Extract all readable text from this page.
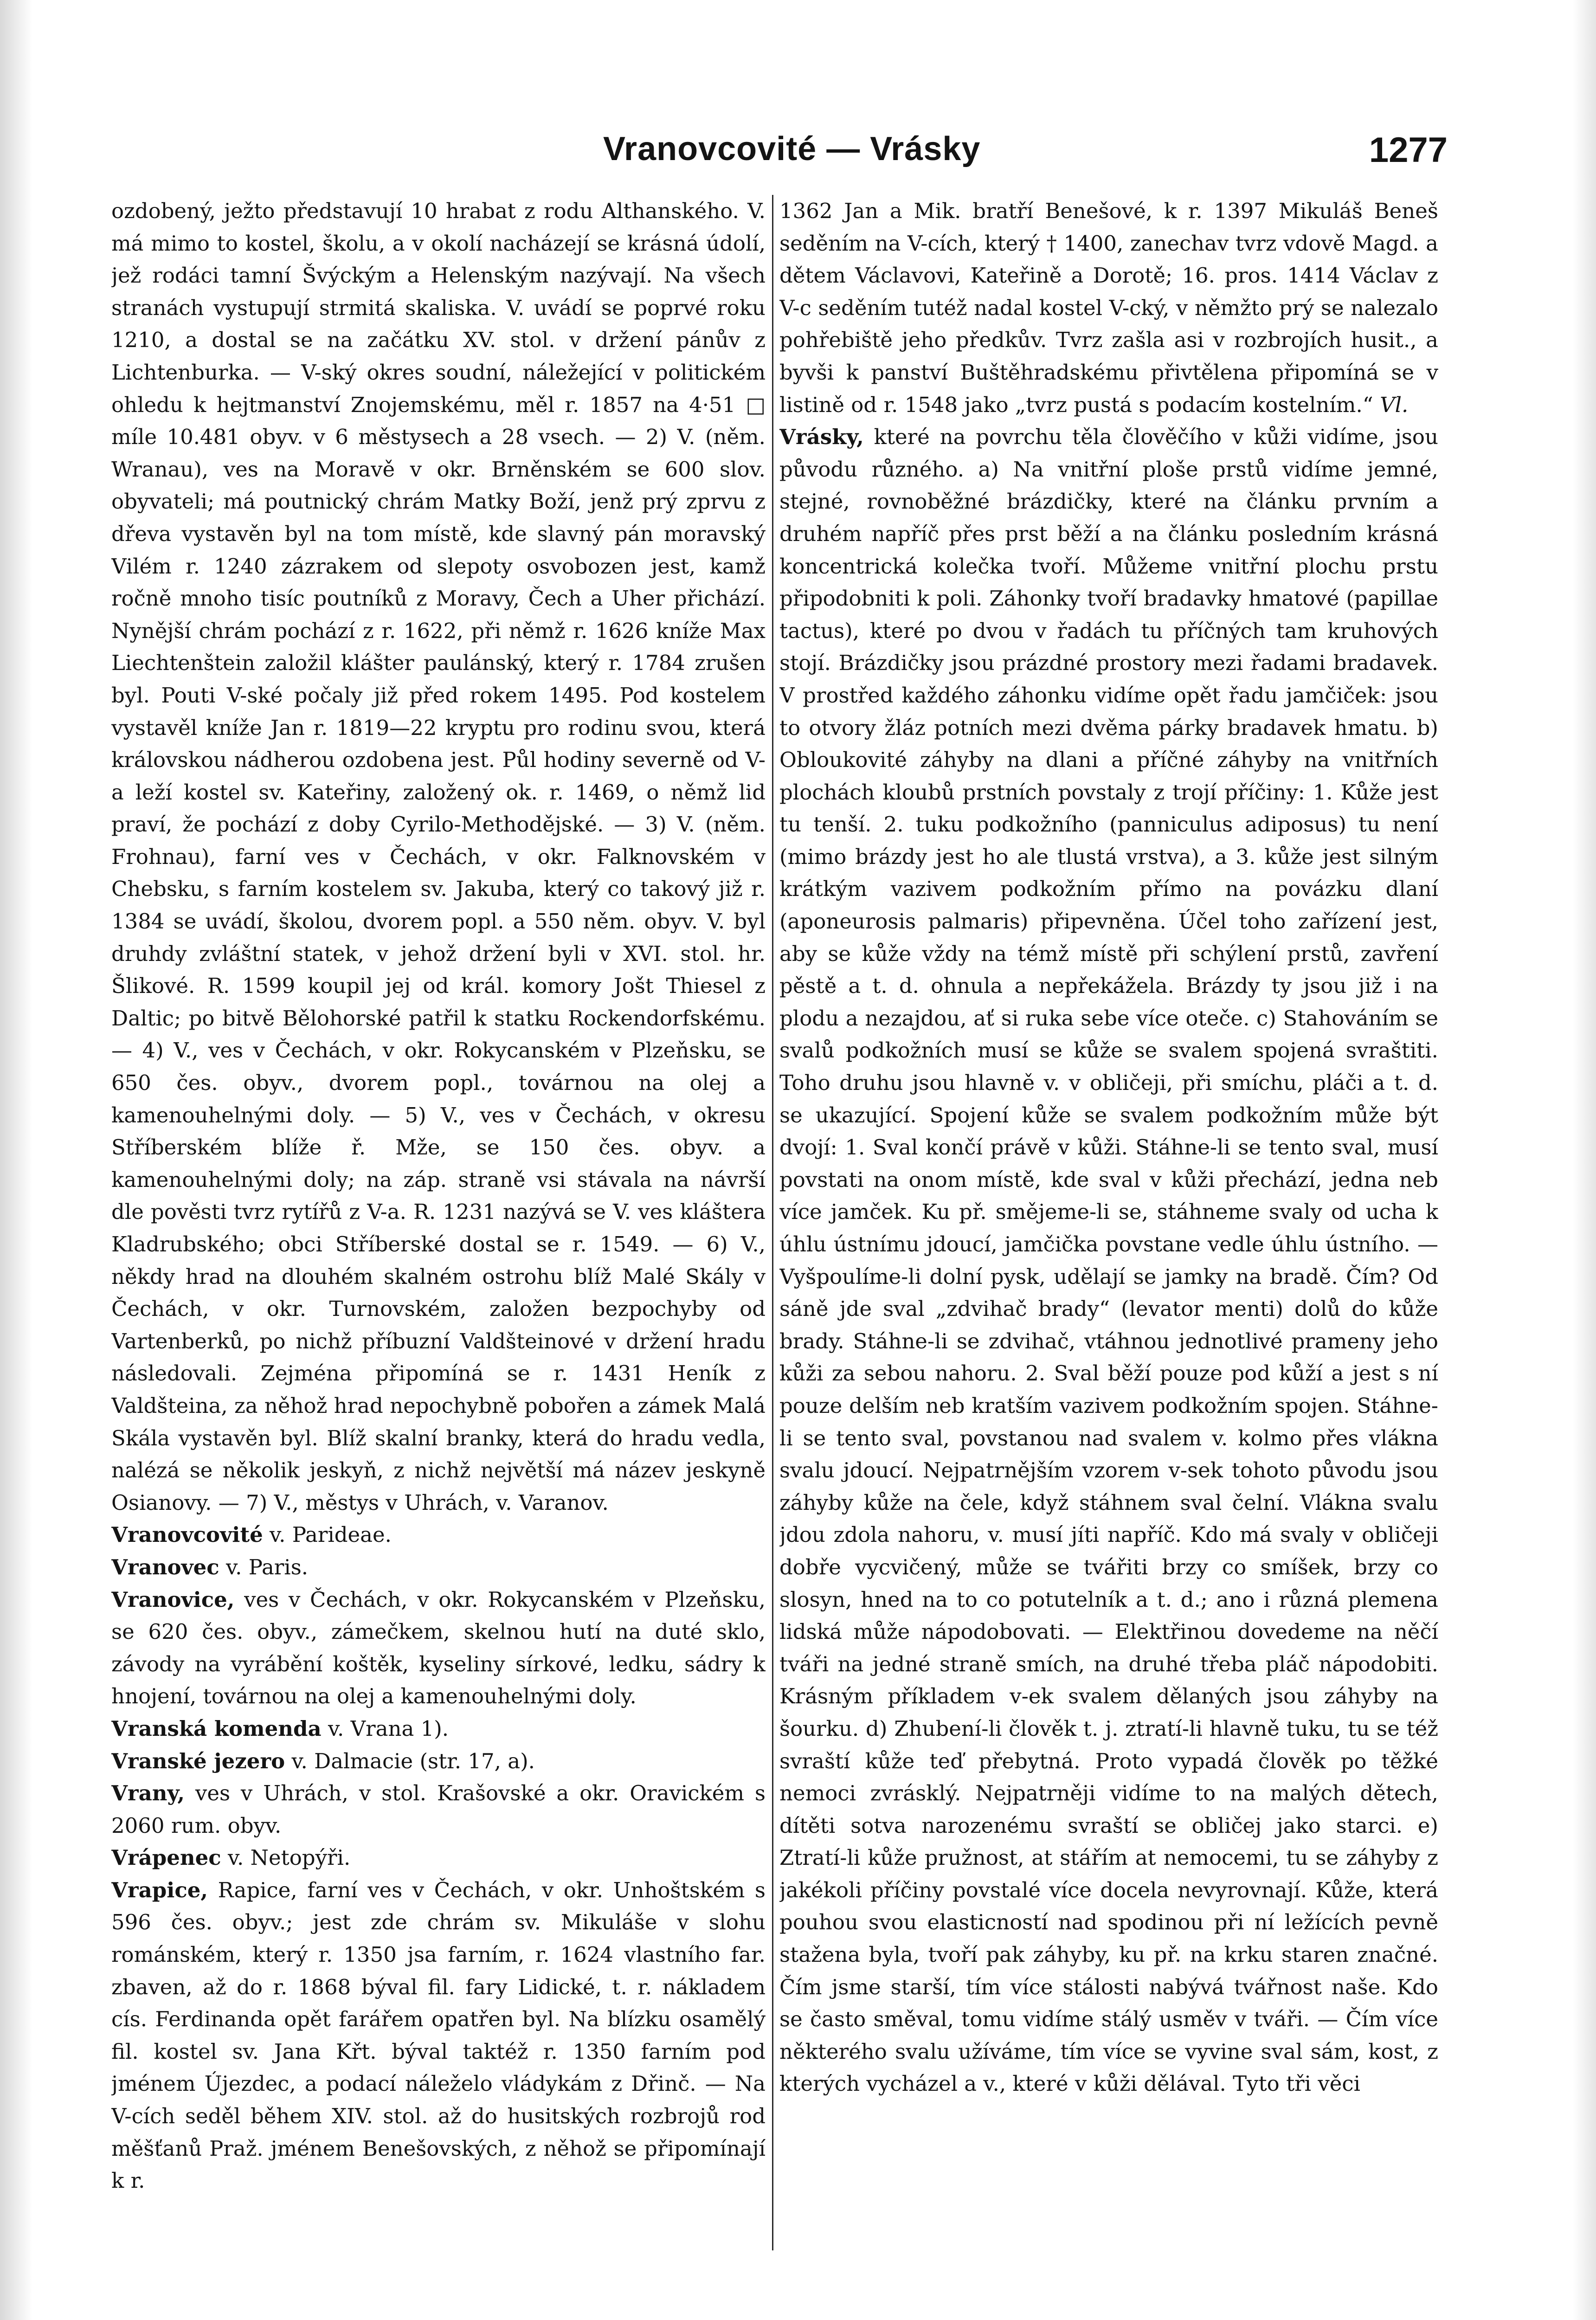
Vranovcovité — Vrásky	1277

ozdobený, ježto představují 10 hrabat z rodu Althanského. V. má mimo to kostel, školu, a v okolí nacházejí se krásná údolí, jež rodáci tamní Švýckým a Helenským nazývají. Na všech stranách vystupují strmitá skaliska. V. uvádí se poprvé roku 1210, a dostal se na začátku XV. stol. v držení pánův z Lichtenburka. — V-ský okres soudní, náležející v politickém ohledu k hejtmanství Znojemskému, měl r. 1857 na 4·51 □ míle 10.481 obyv. v 6 městysech a 28 vsech. — 2) V. (něm. Wranau), ves na Moravě v okr. Brněnském se 600 slov. obyvateli; má poutnický chrám Matky Boží, jenž prý zprvu z dřeva vystavěn byl na tom místě, kde slavný pán moravský Vilém r. 1240 zázrakem od slepoty osvobozen jest, kamž ročně mnoho tisíc poutníků z Moravy, Čech a Uher přichází. Nynější chrám pochází z r. 1622, při němž r. 1626 kníže Max Liechtenštein založil klášter paulánský, který r. 1784 zrušen byl. Pouti V-ské počaly již před rokem 1495. Pod kostelem vystavěl kníže Jan r. 1819—22 kryptu pro rodinu svou, která královskou nádherou ozdobena jest. Půl hodiny severně od V-a leží kostel sv. Kateřiny, založený ok. r. 1469, o němž lid praví, že pochází z doby Cyrilo-Methodějské. — 3) V. (něm. Frohnau), farní ves v Čechách, v okr. Falknovském v Chebsku, s farním kostelem sv. Jakuba, který co takový již r. 1384 se uvádí, školou, dvorem popl. a 550 něm. obyv. V. byl druhdy zvláštní statek, v jehož držení byli v XVI. stol. hr. Šlikové. R. 1599 koupil jej od král. komory Jošt Thiesel z Daltic; po bitvě Bělohorské patřil k statku Rockendorfskému. — 4) V., ves v Čechách, v okr. Rokycanském v Plzeňsku, se 650 čes. obyv., dvorem popl., továrnou na olej a kamenouhelnými doly. — 5) V., ves v Čechách, v okresu Stříberském blíže ř. Mže, se 150 čes. obyv. a kamenouhelnými doly; na záp. straně vsi stávala na návrší dle pověsti tvrz rytířů z V-a. R. 1231 nazývá se V. ves kláštera Kladrubského; obci Stříberské dostal se r. 1549. — 6) V., někdy hrad na dlouhém skalném ostrohu blíž Malé Skály v Čechách, v okr. Turnovském, založen bezpochyby od Vartenberků, po nichž příbuzní Valdšteinové v držení hradu následovali. Zejména připomíná se r. 1431 Heník z Valdšteina, za něhož hrad nepochybně pobořen a zámek Malá Skála vystavěn byl. Blíž skalní branky, která do hradu vedla, nalézá se několik jeskyň, z nichž největší má název jeskyně Osianovy. — 7) V., městys v Uhrách, v. Varanov.

Vranovcovité v. Parideae.

Vranovec v. Paris.

Vranovice, ves v Čechách, v okr. Rokycanském v Plzeňsku, se 620 čes. obyv., zámečkem, skelnou hutí na duté sklo, závody na vyrábění koštěk, kyseliny sírkové, ledku, sádry k hnojení, továrnou na olej a kamenouhelnými doly.

Vranská komenda v. Vrana 1).

Vranské jezero v. Dalmacie (str. 17, a).

Vrany, ves v Uhrách, v stol. Krašovské a okr. Oravickém s 2060 rum. obyv.

Vrápenec v. Netopýři.

Vrapice, Rapice, farní ves v Čechách, v okr. Unhoštském s 596 čes. obyv.; jest zde chrám sv. Mikuláše v slohu románském, který r. 1350 jsa farním, r. 1624 vlastního far. zbaven, až do r. 1868 býval fil. fary Lidické, t. r. nákladem cís. Ferdinanda opět farářem opatřen byl. Na blízku osamělý fil. kostel sv. Jana Křt. býval taktéž r. 1350 farním pod jménem Újezdec, a podací náleželo vládykám z Dřinč. — Na V-cích seděl během XIV. stol. až do husitských rozbrojů rod měšťanů Praž. jménem Benešovských, z něhož se připomínají k r.

1362 Jan a Mik. bratří Benešové, k r. 1397 Mikuláš Beneš seděním na V-cích, který † 1400, zanechav tvrz vdově Magd. a dětem Václavovi, Kateřině a Dorotě; 16. pros. 1414 Václav z V-c seděním tutéž nadal kostel V-cký, v němžto prý se nalezalo pohřebiště jeho předkův. Tvrz zašla asi v rozbrojích husit., a byvši k panství Buštěhradskému přivtělena připomíná se v listině od r. 1548 jako „tvrz pustá s podacím kostelním.“ Vl.

Vrásky, které na povrchu těla člověčího v kůži vidíme, jsou původu různého. a) Na vnitřní ploše prstů vidíme jemné, stejné, rovnoběžné brázdičky, které na článku prvním a druhém napříč přes prst běží a na článku posledním krásná koncentrická kolečka tvoří. Můžeme vnitřní plochu prstu připodobniti k poli. Záhonky tvoří bradavky hmatové (papillae tactus), které po dvou v řadách tu příčných tam kruhových stojí. Brázdičky jsou prázdné prostory mezi řadami bradavek. V prostřed každého záhonku vidíme opět řadu jamčiček: jsou to otvory žláz potních mezi dvěma párky bradavek hmatu. b) Obloukovité záhyby na dlani a příčné záhyby na vnitřních plochách kloubů prstních povstaly z trojí příčiny: 1. Kůže jest tu tenší. 2. tuku podkožního (panniculus adiposus) tu není (mimo brázdy jest ho ale tlustá vrstva), a 3. kůže jest silným krátkým vazivem podkožním přímo na povázku dlaní (aponeurosis palmaris) připevněna. Účel toho zařízení jest, aby se kůže vždy na témž místě při schýlení prstů, zavření pěstě a t. d. ohnula a nepřekážela. Brázdy ty jsou již i na plodu a nezajdou, ať si ruka sebe více otečе. c) Stahováním se svalů podkožních musí se kůže se svalem spojená svraštiti. Toho druhu jsou hlavně v. v obličeji, při smíchu, pláči a t. d. se ukazující. Spojení kůže se svalem podkožním může být dvojí: 1. Sval končí právě v kůži. Stáhne-li se tento sval, musí povstati na onom místě, kde sval v kůži přechází, jedna neb více jamček. Ku př. smějeme-li se, stáhneme svaly od ucha k úhlu ústnímu jdoucí, jamčička povstane vedle úhlu ústního. — Vyšpoulíme-li dolní pysk, udělají se jamky na bradě. Čím? Od sáně jde sval „zdvihač brady“ (levator menti) dolů do kůže brady. Stáhne-li se zdvihač, vtáhnou jednotlivé prameny jeho kůži za sebou nahoru. 2. Sval běží pouze pod kůží a jest s ní pouze delším neb kratším vazivem podkožním spojen. Stáhne-li se tento sval, povstanou nad svalem v. kolmo přes vlákna svalu jdoucí. Nejpatrnějším vzorem v-sek tohoto původu jsou záhyby kůže na čele, když stáhnem sval čelní. Vlákna svalu jdou zdola nahoru, v. musí jíti napříč. Kdo má svaly v obličeji dobře vycvičený, může se tvářiti brzy co smíšek, brzy co slosyn, hned na to co potutelník a t. d.; ano i různá plemena lidská může nápodobovati. — Elektřinou dovedeme na něčí tváři na jedné straně smích, na druhé třeba pláč nápodobiti. Krásným příkladem v-ek svalem dělaných jsou záhyby na šourku. d) Zhubení-li člověk t. j. ztratí-li hlavně tuku, tu se též svraští kůže teď přebytná. Proto vypadá člověk po těžké nemoci zvrásklý. Nejpatrněji vidíme to na malých dětech, dítěti sotva narozenému svraští se obličej jako starci. e) Ztratí-li kůže pružnost, at stářím at nemocemi, tu se záhyby z jakékoli příčiny povstalé více docela nevyrovnají. Kůže, která pouhou svou elasticností nad spodinou při ní ležících pevně stažena byla, tvoří pak záhyby, ku př. na krku staren značné. Čím jsme starší, tím více stálosti nabývá tvářnost naše. Kdo se často směval, tomu vidíme stálý usměv v tváři. — Čím více některého svalu užíváme, tím více se vyvine sval sám, kost, z kterých vycházel a v., které v kůži dělával. Tyto tři věci
